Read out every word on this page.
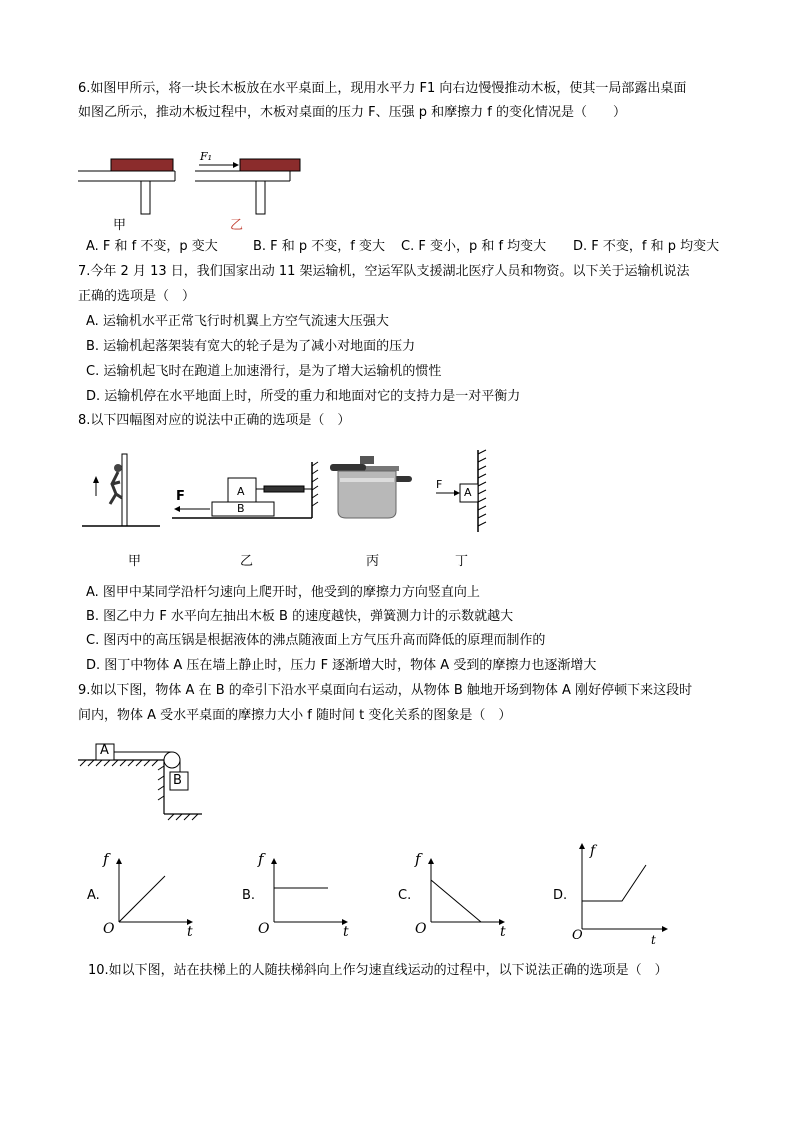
6.如图甲所示，将一块长木板放在水平桌面上，现用水平力 F1 向右边慢慢推动木板，使其一局部露出桌面
如图乙所示，推动木板过程中，木板对桌面的压力 F、压强 p 和摩擦力 f 的变化情况是（　　）
甲
F₁
乙
A. F 和 f 不变，p 变大	B. F 和 p 不变，f 变大 C. F 变小，p 和 f 均变大 D. F 不变，f 和 p 均变大
7.今年 2 月 13 日，我们国家出动 11 架运输机，空运军队支援湖北医疗人员和物资。以下关于运输机说法
正确的选项是（　）
A. 运输机水平正常飞行时机翼上方空气流速大压强大
B. 运输机起落架装有宽大的轮子是为了减小对地面的压力
C. 运输机起飞时在跑道上加速滑行，是为了增大运输机的惯性
D. 运输机停在水平地面上时，所受的重力和地面对它的支持力是一对平衡力
8.以下四幅图对应的说法中正确的选项是（　）
F	A
B
F
A
甲	乙	丙	丁
A. 图甲中某同学沿杆匀速向上爬开时，他受到的摩擦力方向竖直向上
B. 图乙中力 F 水平向左抽出木板 B 的速度越快，弹簧测力计的示数就越大
C. 图丙中的高压锅是根据液体的沸点随液面上方气压升高而降低的原理而制作的
D. 图丁中物体 A 压在墙上静止时，压力 F 逐渐增大时，物体 A 受到的摩擦力也逐渐增大
9.如以下图，物体 A 在 B 的牵引下沿水平桌面向右运动，从物体 B 触地开场到物体 A 刚好停顿下来这段时
间内，物体 A 受水平桌面的摩擦力大小 f 随时间 t 变化关系的图象是（　）
A
B
A.
f
O	t
B.
f
O	t
C.
f
O	t
D.
f
O	t
10.如以下图，站在扶梯上的人随扶梯斜向上作匀速直线运动的过程中，以下说法正确的选项是（　）
